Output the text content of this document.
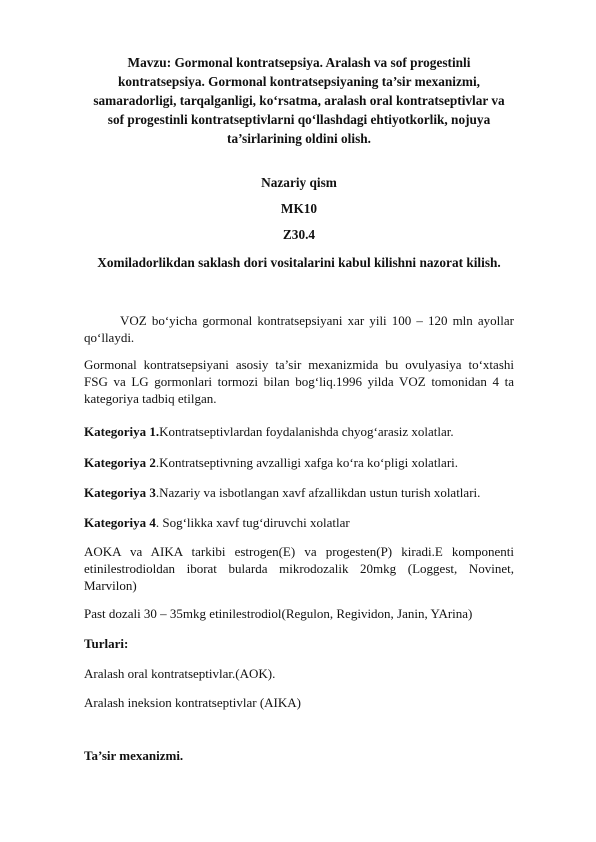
Mavzu: Gormonal kontratsepsiya. Aralash va sof progestinli kontratsepsiya. Gormonal kontratsepsiyaning ta’sir mexanizmi, samaradorligi, tarqalganligi, ko‘rsatma, aralash oral kontratseptivlar va sof progestinli kontratseptivlarni qo‘llashdagi ehtiyotkorlik, nojuya ta’sirlarining oldini olish.
Nazariy qism
MK10
Z30.4
Xomiladorlikdan saklash dori vositalarini kabul kilishni nazorat kilish.
VOZ bo‘yicha gormonal kontratsepsiyani xar yili 100 – 120 mln ayollar qo‘llaydi.
Gormonal kontratsepsiyani asosiy ta’sir mexanizmida bu ovulyasiya to‘xtashi FSG va LG gormonlari tormozi bilan bog‘liq.1996 yilda VOZ tomonidan 4 ta kategoriya tadbiq etilgan.
Kategoriya 1.Kontratseptivlardan foydalanishda chyog‘arasiz xolatlar.
Kategoriya 2.Kontratseptivning avzalligi xafga ko‘ra ko‘pligi xolatlari.
Kategoriya 3.Nazariy va isbotlangan xavf afzallikdan ustun turish xolatlari.
Kategoriya 4. Sog‘likka xavf tug‘diruvchi xolatlar
AOKA va AIKA tarkibi estrogen(E) va progesten(P) kiradi.E komponenti etinilestrodioldan iborat bularda mikrodozalik 20mkg (Loggest, Novinet, Marvilon)
Past dozali 30 – 35mkg etinilestrodiol(Regulon, Regividon, Janin, YArina)
Turlari:
Aralash oral kontratseptivlar.(AOK).
Aralash ineksion kontratseptivlar (AIKA)
Ta’sir mexanizmi.
